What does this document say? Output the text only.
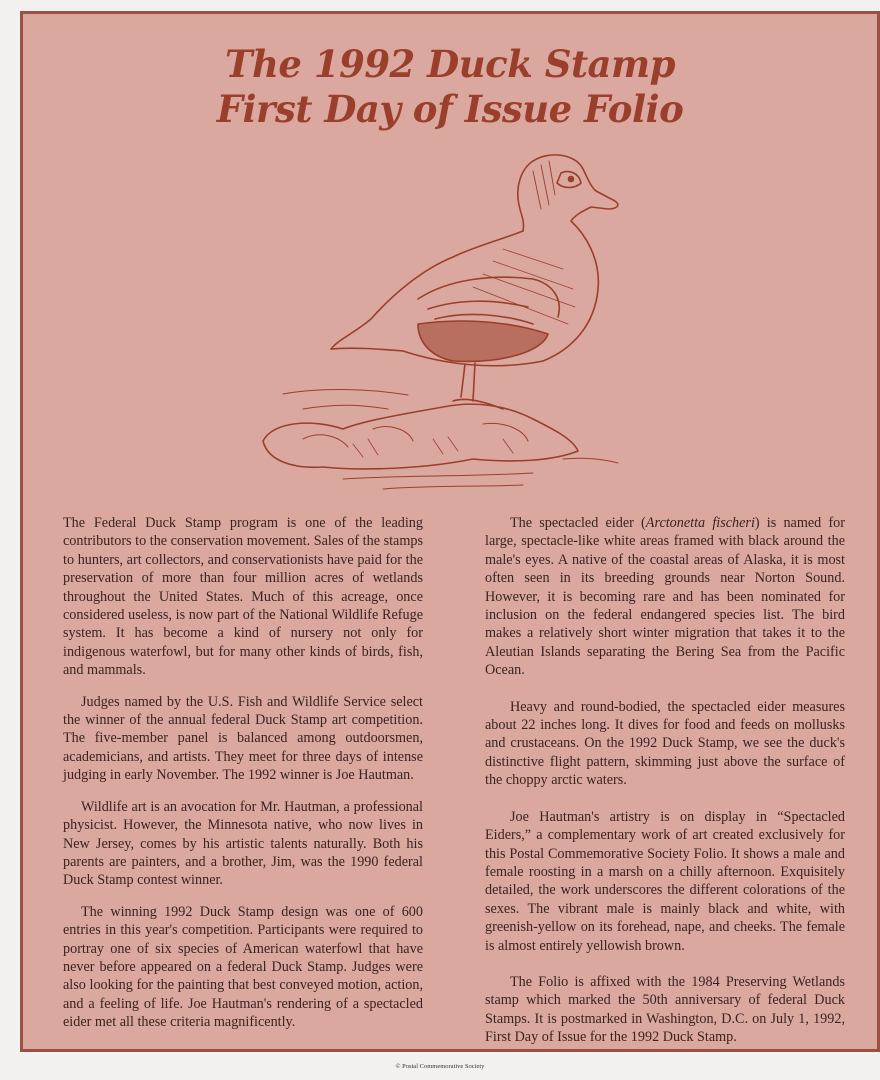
The 1992 Duck Stamp
First Day of Issue Folio

The Federal Duck Stamp program is one of the leading contributors to the conservation movement. Sales of the stamps to hunters, art collectors, and conservationists have paid for the preservation of more than four million acres of wetlands throughout the United States. Much of this acreage, once considered useless, is now part of the National Wildlife Refuge system. It has become a kind of nursery not only for indigenous waterfowl, but for many other kinds of birds, fish, and mammals.

Judges named by the U.S. Fish and Wildlife Service select the winner of the annual federal Duck Stamp art competition. The five-member panel is balanced among outdoorsmen, academicians, and artists. They meet for three days of intense judging in early November. The 1992 winner is Joe Hautman.

Wildlife art is an avocation for Mr. Hautman, a professional physicist. However, the Minnesota native, who now lives in New Jersey, comes by his artistic talents naturally. Both his parents are painters, and a brother, Jim, was the 1990 federal Duck Stamp contest winner.

The winning 1992 Duck Stamp design was one of 600 entries in this year's competition. Participants were required to portray one of six species of American waterfowl that have never before appeared on a federal Duck Stamp. Judges were also looking for the painting that best conveyed motion, action, and a feeling of life. Joe Hautman's rendering of a spectacled eider met all these criteria magnificently.

The spectacled eider (Arctonetta fischeri) is named for large, spectacle-like white areas framed with black around the male's eyes. A native of the coastal areas of Alaska, it is most often seen in its breeding grounds near Norton Sound. However, it is becoming rare and has been nominated for inclusion on the federal endangered species list. The bird makes a relatively short winter migration that takes it to the Aleutian Islands separating the Bering Sea from the Pacific Ocean.

Heavy and round-bodied, the spectacled eider measures about 22 inches long. It dives for food and feeds on mollusks and crustaceans. On the 1992 Duck Stamp, we see the duck's distinctive flight pattern, skimming just above the surface of the choppy arctic waters.

Joe Hautman's artistry is on display in “Spectacled Eiders,” a complementary work of art created exclusively for this Postal Commemorative Society Folio. It shows a male and female roosting in a marsh on a chilly afternoon. Exquisitely detailed, the work underscores the different colorations of the sexes. The vibrant male is mainly black and white, with greenish-yellow on its forehead, nape, and cheeks. The female is almost entirely yellowish brown.

The Folio is affixed with the 1984 Preserving Wetlands stamp which marked the 50th anniversary of federal Duck Stamps. It is postmarked in Washington, D.C. on July 1, 1992, First Day of Issue for the 1992 Duck Stamp.

© Postal Commemorative Society
